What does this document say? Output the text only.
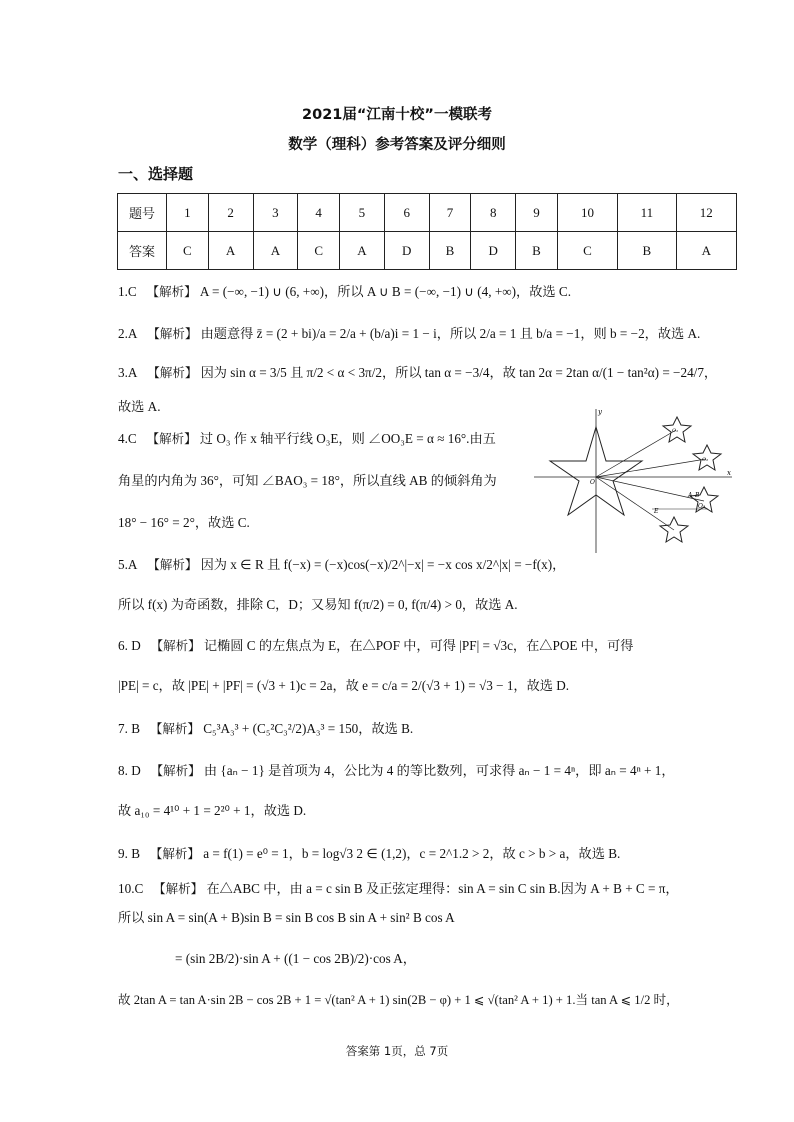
2021届“江南十校”一模联考
数学（理科）参考答案及评分细则
一、选择题
题号	1	2	3	4	5	6	7	8	9	10	11	12
答案	C	A	A	C	A	D	B	D	B	C	B	A
1.C 【解析】 A = (−∞, −1) ∪ (6, +∞)，所以 A ∪ B = (−∞, −1) ∪ (4, +∞)，故选 C.
2.A 【解析】 由题意得 z̄ = (2 + bi)/a = 2/a + (b/a)i = 1 − i，所以 2/a = 1 且 b/a = −1，则 b = −2，故选 A.
3.A 【解析】 因为 sin α = 3/5 且 π/2 < α < 3π/2，所以 tan α = −3/4，故 tan 2α = 2tan α/(1 − tan²α) = −24/7，
故选 A.
4.C 【解析】 过 O₃ 作 x 轴平行线 O₃E，则 ∠OO₃E = α ≈ 16°.由五
角星的内角为 36°，可知 ∠BAO₃ = 18°，所以直线 AB 的倾斜角为
18° − 16° = 2°，故选 C.
y
x
O
O₃
E
A B
O₁
O₂
5.A 【解析】 因为 x ∈ R 且 f(−x) = (−x)cos(−x)/2^|−x| = −x cos x/2^|x| = −f(x)，
所以 f(x) 为奇函数，排除 C，D；又易知 f(π/2) = 0, f(π/4) > 0，故选 A.
6. D 【解析】 记椭圆 C 的左焦点为 E，在△POF 中，可得 |PF| = √3c，在△POE 中，可得
|PE| = c，故 |PE| + |PF| = (√3 + 1)c = 2a，故 e = c/a = 2/(√3 + 1) = √3 − 1，故选 D.
7. B 【解析】 C₅³A₃³ + (C₅²C₃²/2)A₃³ = 150，故选 B.
8. D 【解析】 由 {aₙ − 1} 是首项为 4，公比为 4 的等比数列，可求得 aₙ − 1 = 4ⁿ，即 aₙ = 4ⁿ + 1，
故 a₁₀ = 4¹⁰ + 1 = 2²⁰ + 1，故选 D.
9. B 【解析】 a = f(1) = e⁰ = 1，b = log√3 2 ∈ (1,2)，c = 2^1.2 > 2，故 c > b > a，故选 B.
10.C 【解析】 在△ABC 中，由 a = c sin B 及正弦定理得：sin A = sin C sin B.因为 A + B + C = π，
所以 sin A = sin(A + B)sin B = sin B cos B sin A + sin² B cos A
= (sin 2B/2)·sin A + ((1 − cos 2B)/2)·cos A，
故 2tan A = tan A·sin 2B − cos 2B + 1 = √(tan² A + 1) sin(2B − φ) + 1 ⩽ √(tan² A + 1) + 1.当 tan A ⩽ 1/2 时，
答案第 1页，总 7页
